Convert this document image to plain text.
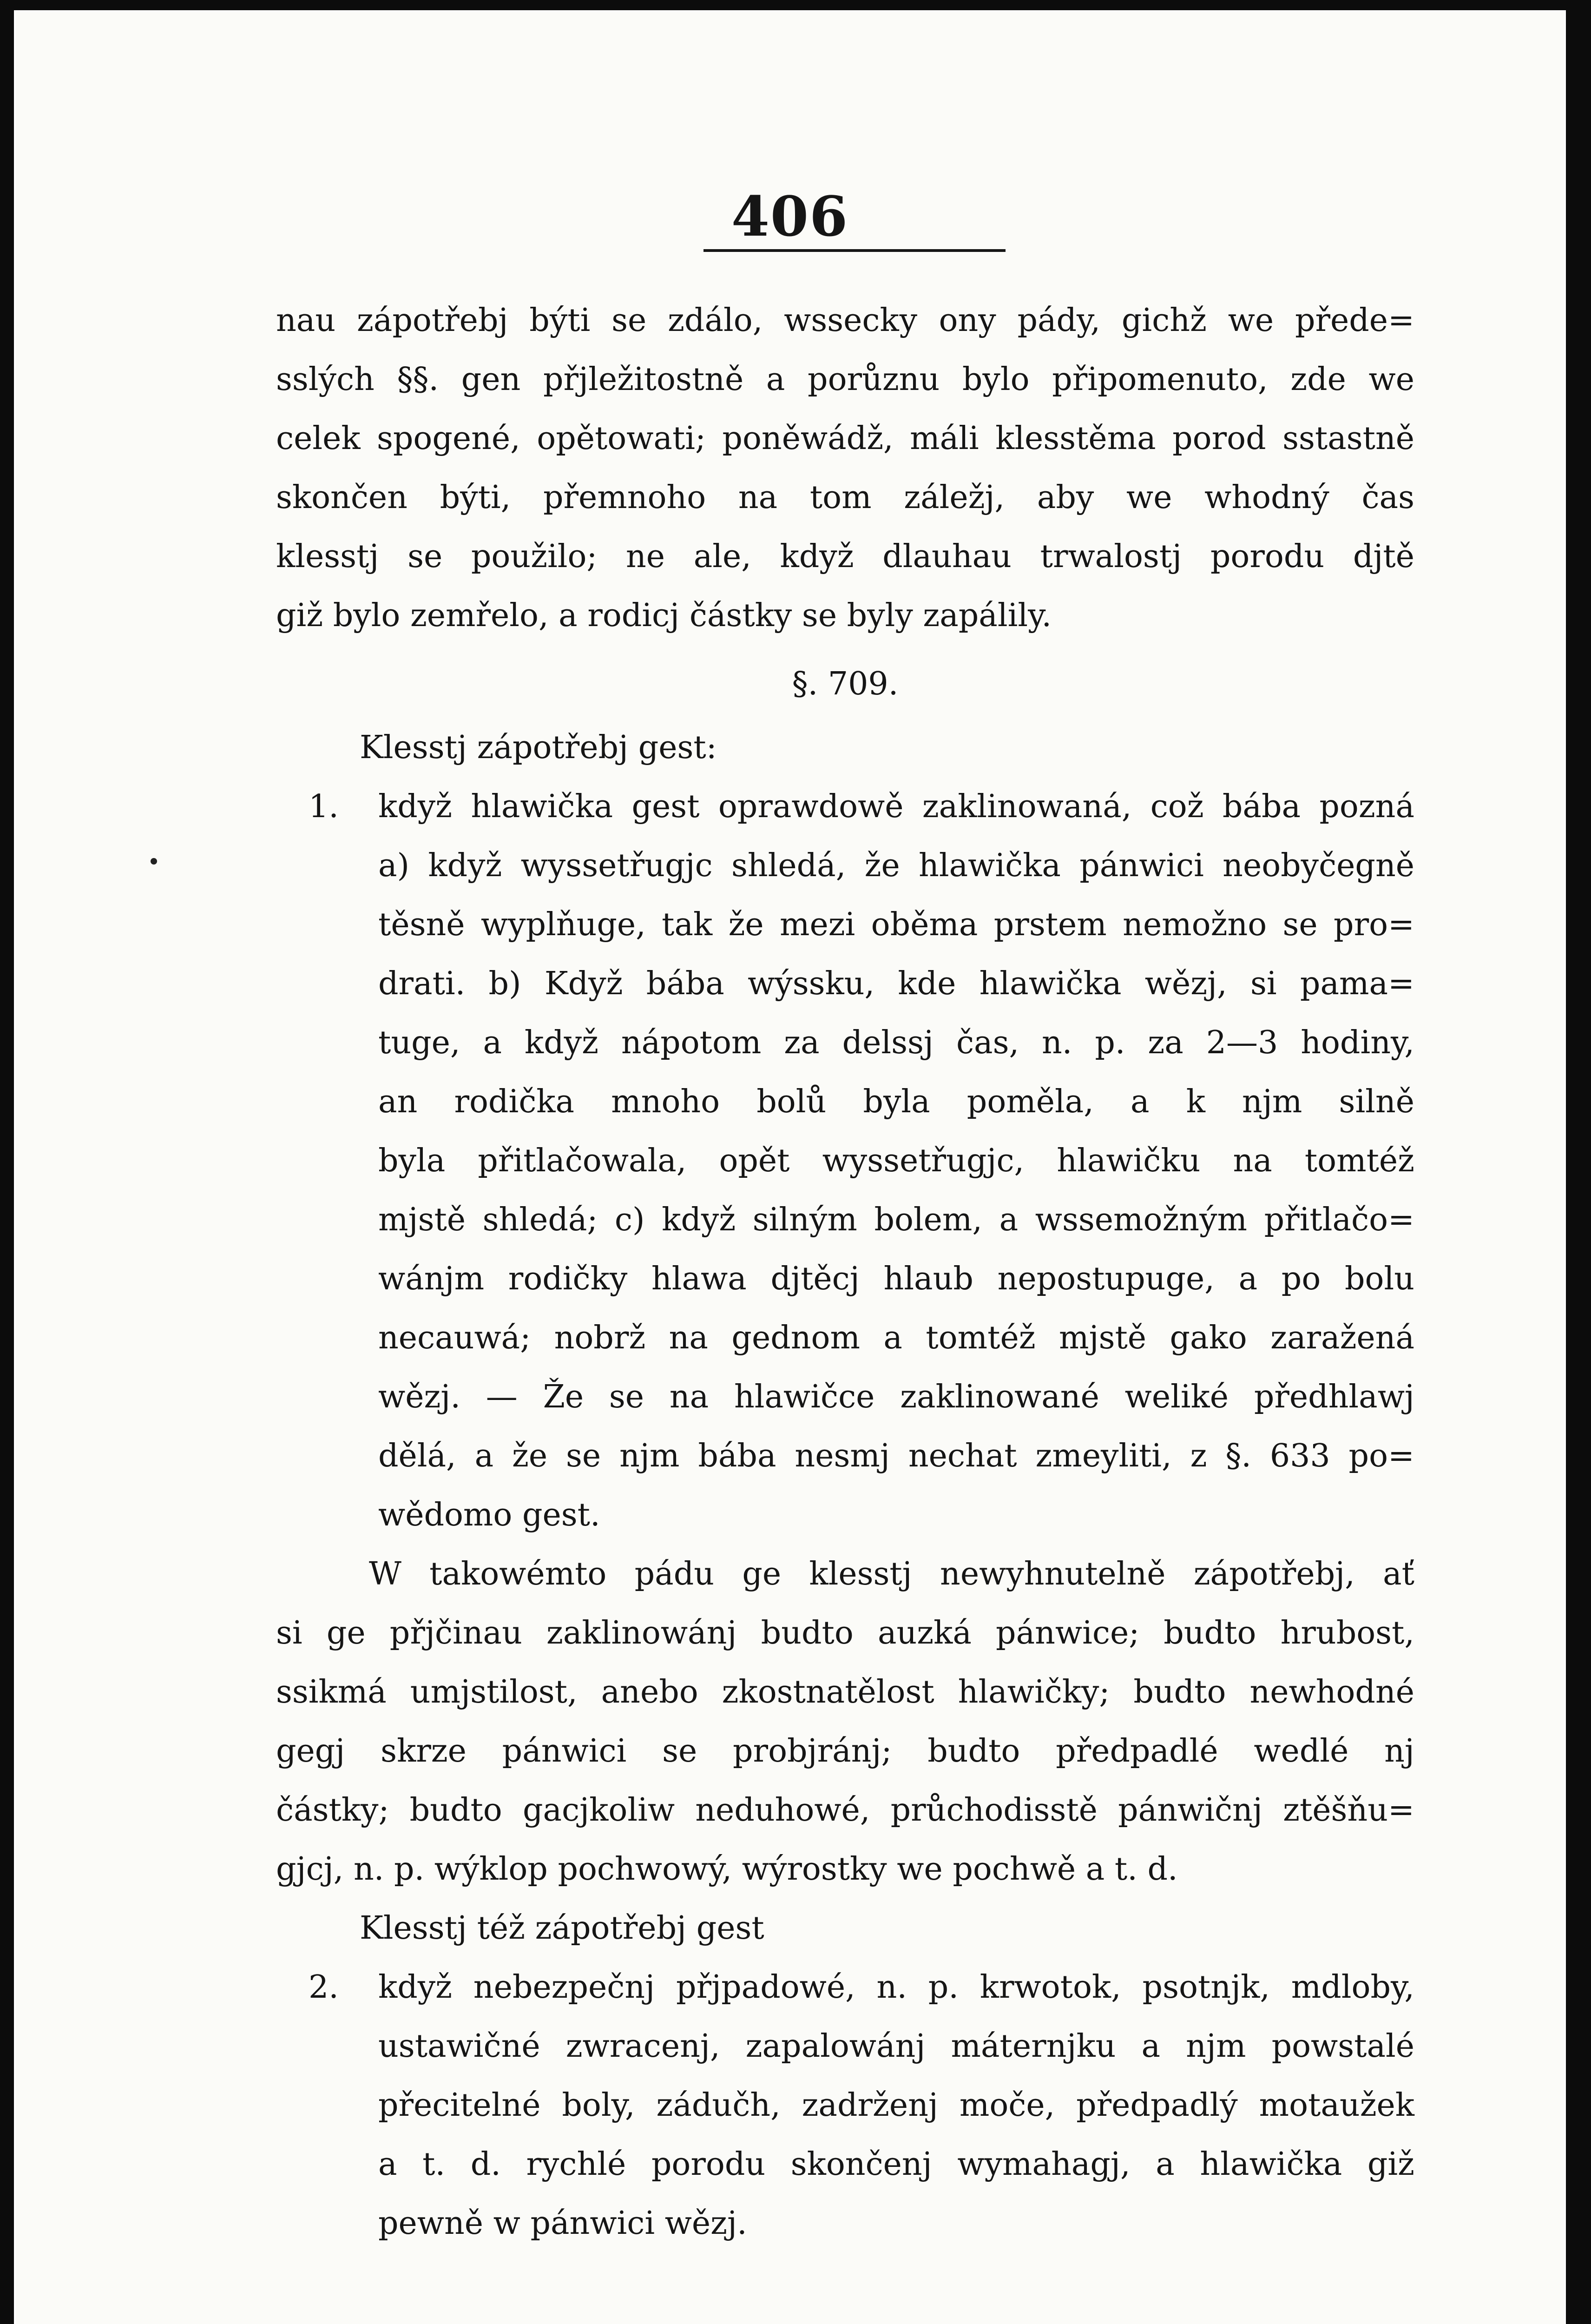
406
nau zápotřebj býti se zdálo, wsseckу ony pády, gichž we přede=
sslých §§. gen přjležitostně a porůznu bylo připomenuto, zde we
celek spogené, opětowati; poněwádž, máli klesstěma porod sstastně
skončen býti, přemnoho na tom záležj, aby we whodný čas
klesstj se použilo; ne ale, když dlauhau trwalostj porodu djtě
giž bylo zemřelo, a rodicj částky se byly zapálily.
§. 709.
Klesstj zápotřebj gest:
1. když hlawička gest oprawdowě zaklinowaná, což bába pozná
a) když wyssetřugjc shledá, že hlawička pánwici neobyčegně
těsně wyplňuge, tak že mezi oběma prstem nemožno se pro=
drati. b) Když bába wýssku, kde hlawička wězj, si pama=
tuge, a když nápotom za delssj čas, n. p. za 2—3 hodiny,
an rodička mnoho bolů byla poměla, a k njm silně
byla přitlačowala, opět wyssetřugjc, hlawičku na tomtéž
mjstě shledá; c) když silným bolem, a wssemožným přitlačo=
wánjm rodičky hlawa djtěcj hlaub nepostupuge, a po bolu
necauwá; nobrž na gednom a tomtéž mjstě gako zaražená
wězj. — Že se na hlawičce zaklinowané weliké předhlawj
dělá, a že se njm bába nesmj nechat zmeyliti, z §. 633 po=
wědomo gest.
W takowémto pádu ge klesstj newyhnutelně zápotřebj, ať
si ge přjčinau zaklinowánj budto auzká pánwice; budto hrubost,
ssikmá umjstilost, anebo zkostnatělost hlawičky; budto newhodné
gegj skrze pánwici se probjránj; budto předpadlé wedlé nj
částky; budto gacjkoliw neduhowé, průchodisstě pánwičnj ztěšňu=
gjcj, n. p. wýklop pochwowý, wýrostky we pochwě a t. d.
Klesstj též zápotřebj gest
2. když nebezpečnj přjpadowé, n. p. krwotok, psotnjk, mdloby,
ustawičné zwracenj, zapalowánj máternjku a njm powstalé
přecitelné boly, zádučh, zadrženj moče, předpadlý motaužek
a t. d. rychlé porodu skončenj wymahagj, a hlawička giž
pewně w pánwici wězj.
